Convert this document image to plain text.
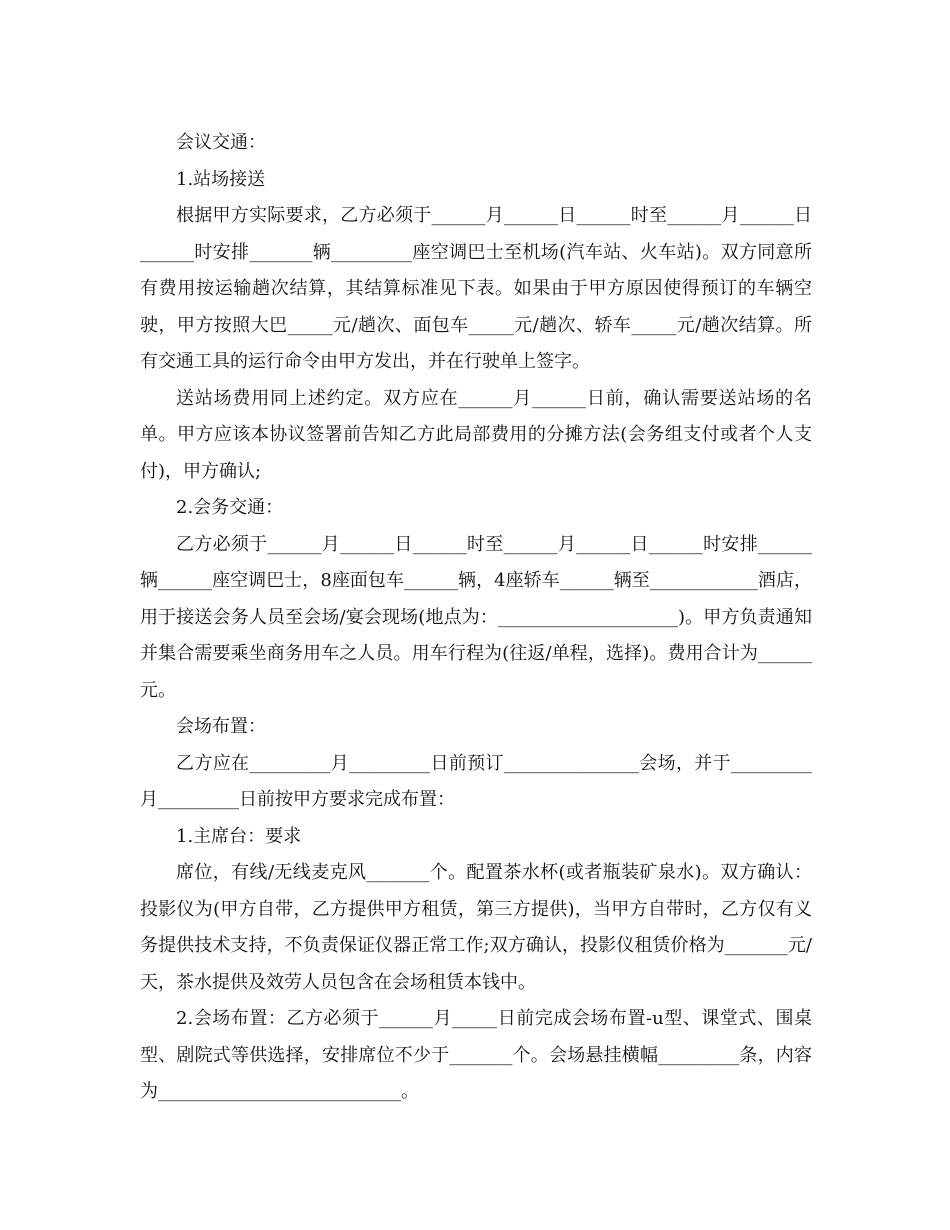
会议交通：

1.站场接送

根据甲方实际要求，乙方必须于______月______日______时至______月______日______时安排_______辆_________座空调巴士至机场(汽车站、火车站)。双方同意所有费用按运输趟次结算，其结算标准见下表。如果由于甲方原因使得预订的车辆空驶，甲方按照大巴_____元/趟次、面包车_____元/趟次、轿车_____元/趟次结算。所有交通工具的运行命令由甲方发出，并在行驶单上签字。

送站场费用同上述约定。双方应在______月______日前，确认需要送站场的名单。甲方应该本协议签署前告知乙方此局部费用的分摊方法(会务组支付或者个人支付)，甲方确认;

2.会务交通：

乙方必须于______月______日______时至______月______日______时安排______辆______座空调巴士，8座面包车______辆，4座轿车______辆至____________酒店，用于接送会务人员至会场/宴会现场(地点为：____________________)。甲方负责通知并集合需要乘坐商务用车之人员。用车行程为(往返/单程，选择)。费用合计为______元。

会场布置：

乙方应在_________月_________日前预订_______________会场，并于_________月_________日前按甲方要求完成布置：

1.主席台：要求

席位，有线/无线麦克风_______个。配置茶水杯(或者瓶装矿泉水)。双方确认：投影仪为(甲方自带，乙方提供甲方租赁，第三方提供)，当甲方自带时，乙方仅有义务提供技术支持，不负责保证仪器正常工作;双方确认，投影仪租赁价格为_______元/天，茶水提供及效劳人员包含在会场租赁本钱中。

2.会场布置：乙方必须于______月_____日前完成会场布置-u型、课堂式、围桌型、剧院式等供选择，安排席位不少于_______个。会场悬挂横幅_________条，内容为___________________________。
